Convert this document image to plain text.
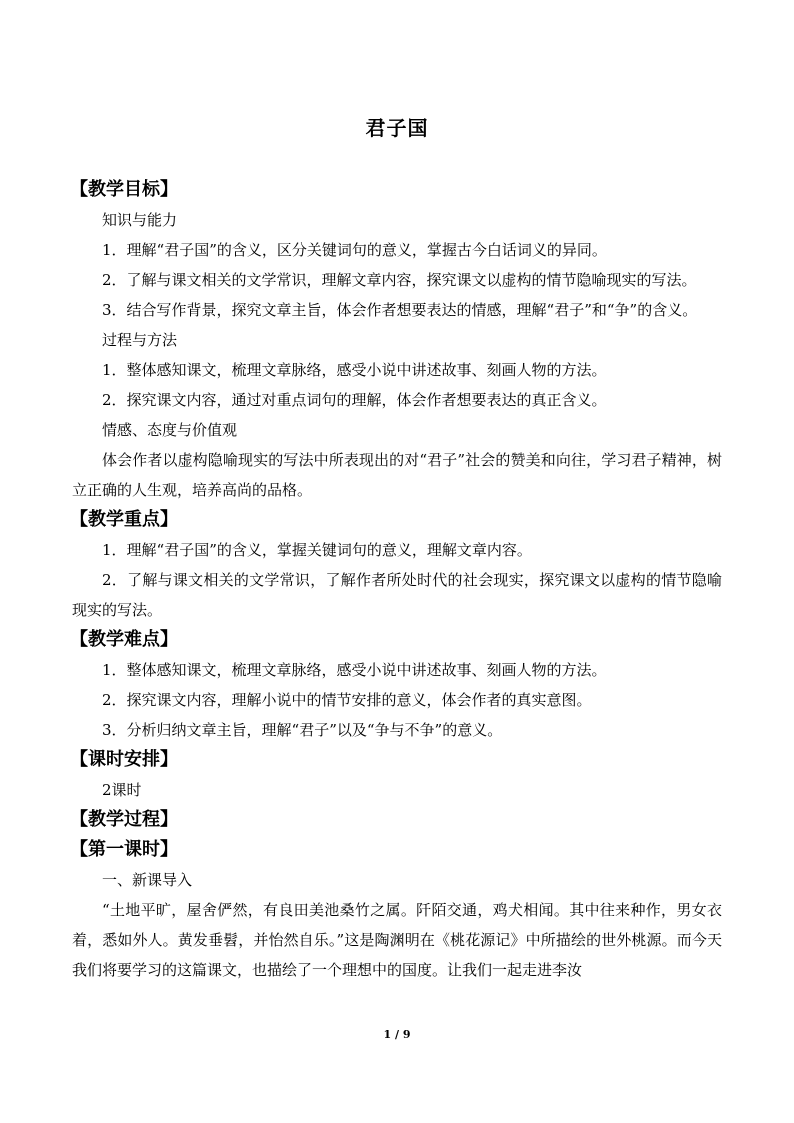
君子国

【教学目标】

知识与能力

1．理解“君子国”的含义，区分关键词句的意义，掌握古今白话词义的异同。

2．了解与课文相关的文学常识，理解文章内容，探究课文以虚构的情节隐喻现实的写法。

3．结合写作背景，探究文章主旨，体会作者想要表达的情感，理解“君子”和“争”的含义。

过程与方法

1．整体感知课文，梳理文章脉络，感受小说中讲述故事、刻画人物的方法。

2．探究课文内容，通过对重点词句的理解，体会作者想要表达的真正含义。

情感、态度与价值观

体会作者以虚构隐喻现实的写法中所表现出的对“君子”社会的赞美和向往，学习君子精神，树立正确的人生观，培养高尚的品格。

【教学重点】

1．理解“君子国”的含义，掌握关键词句的意义，理解文章内容。

2．了解与课文相关的文学常识，了解作者所处时代的社会现实，探究课文以虚构的情节隐喻现实的写法。

【教学难点】

1．整体感知课文，梳理文章脉络，感受小说中讲述故事、刻画人物的方法。

2．探究课文内容，理解小说中的情节安排的意义，体会作者的真实意图。

3．分析归纳文章主旨，理解“君子”以及“争与不争”的意义。

【课时安排】

2课时

【教学过程】

【第一课时】

一、新课导入

“土地平旷，屋舍俨然，有良田美池桑竹之属。阡陌交通，鸡犬相闻。其中往来种作，男女衣着，悉如外人。黄发垂髫，并怡然自乐。”这是陶渊明在《桃花源记》中所描绘的世外桃源。而今天我们将要学习的这篇课文，也描绘了一个理想中的国度。让我们一起走进李汝

1 / 9
